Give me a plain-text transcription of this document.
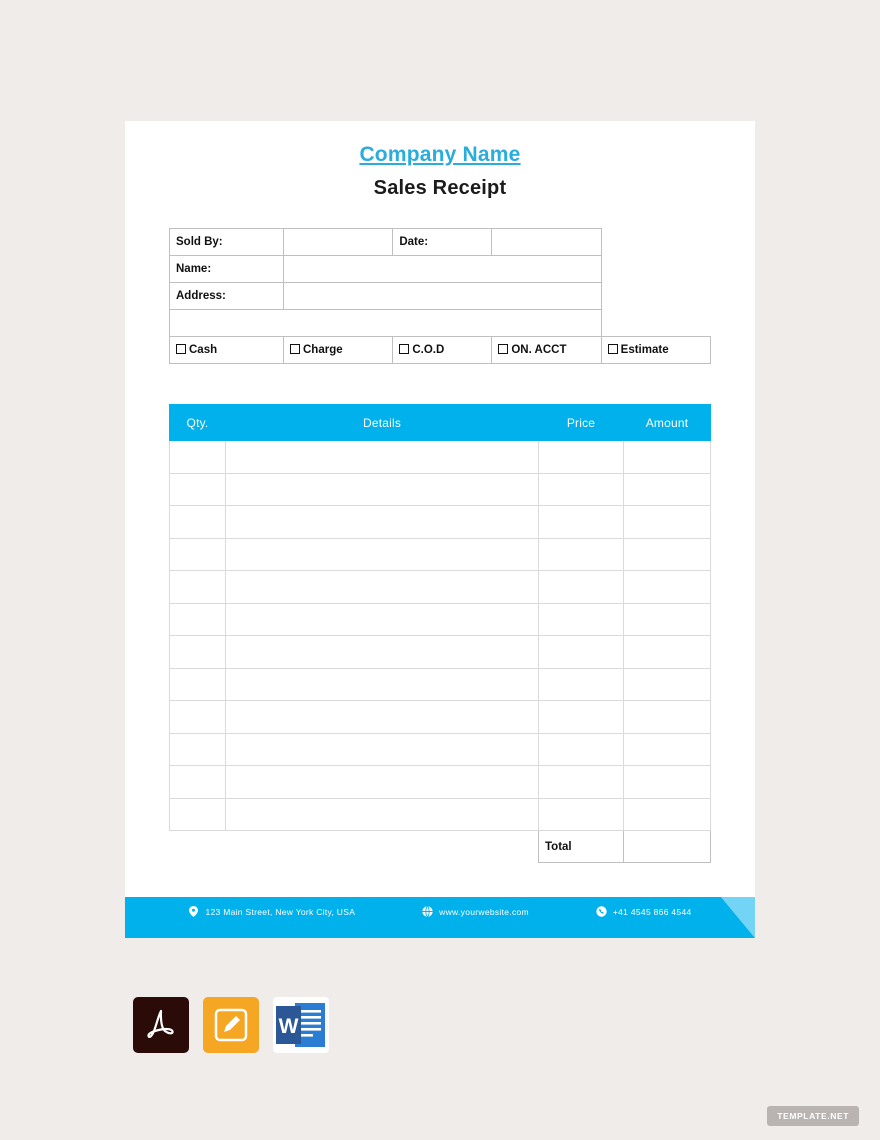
Company Name
Sales Receipt
Sold By:		Date:		
Name:				
Address:				

Cash	Charge	C.O.D	ON. ACCT	Estimate
Qty.	Details	Price	Amount

		Total	
123 Main Street, New York City, USA	www.yourwebsite.com	+41 4545 866 4544
W
TEMPLATE.NET
